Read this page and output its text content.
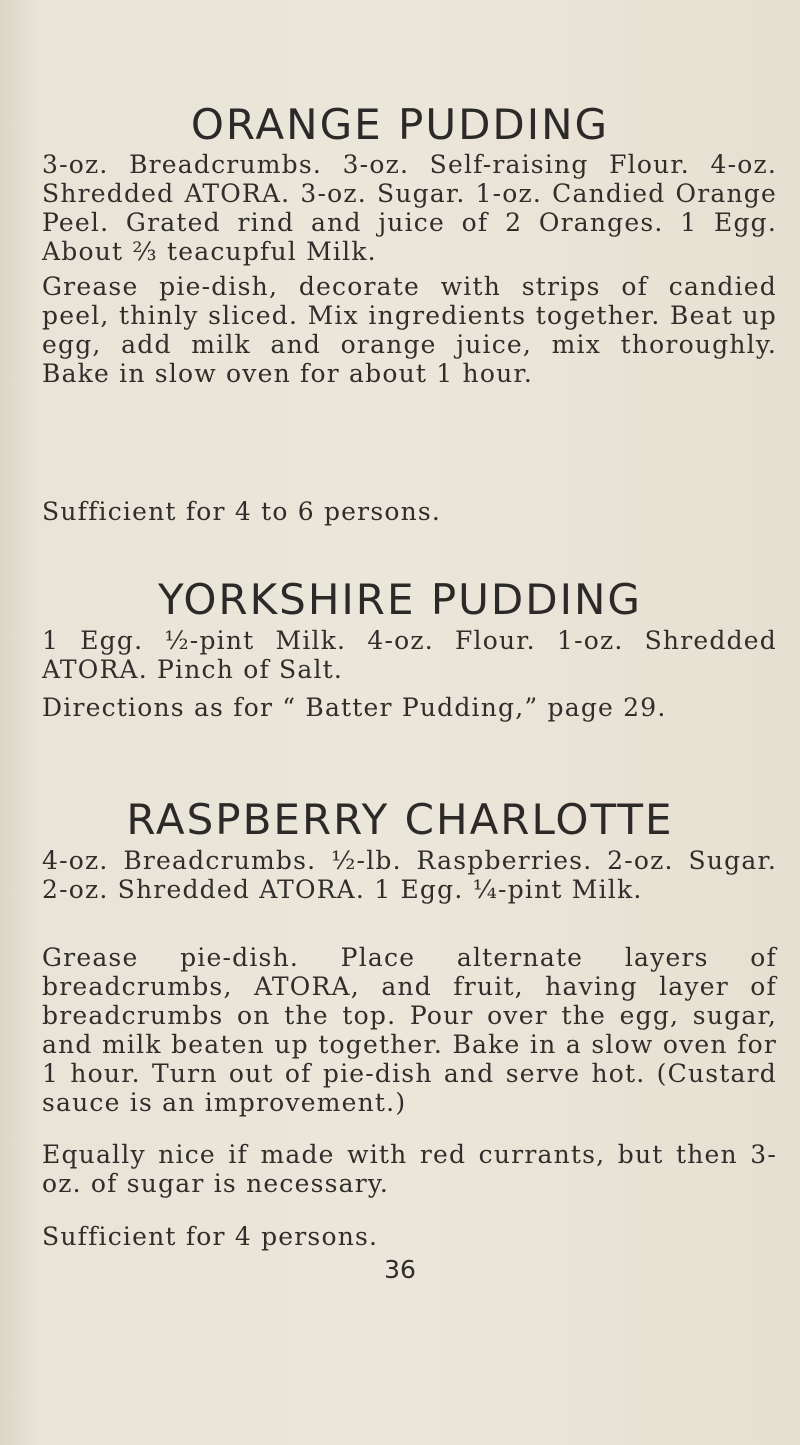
ORANGE PUDDING

3-oz. Breadcrumbs. 3-oz. Self-raising Flour. 4-oz. Shredded ATORA. 3-oz. Sugar. 1-oz. Candied Orange Peel. Grated rind and juice of 2 Oranges. 1 Egg. About ⅔ teacupful Milk.

Grease pie-dish, decorate with strips of candied peel, thinly sliced. Mix ingredients together. Beat up egg, add milk and orange juice, mix thoroughly. Bake in slow oven for about 1 hour.

Sufficient for 4 to 6 persons.

YORKSHIRE PUDDING

1 Egg. ½-pint Milk. 4-oz. Flour. 1-oz. Shredded ATORA. Pinch of Salt.

Directions as for “ Batter Pudding,” page 29.

RASPBERRY CHARLOTTE

4-oz. Breadcrumbs. ½-lb. Raspberries. 2-oz. Sugar. 2-oz. Shredded ATORA. 1 Egg. ¼-pint Milk.

Grease pie-dish. Place alternate layers of breadcrumbs, ATORA, and fruit, having layer of breadcrumbs on the top. Pour over the egg, sugar, and milk beaten up together. Bake in a slow oven for 1 hour. Turn out of pie-dish and serve hot. (Custard sauce is an improvement.)

Equally nice if made with red currants, but then 3-oz. of sugar is necessary.

Sufficient for 4 persons.

36
